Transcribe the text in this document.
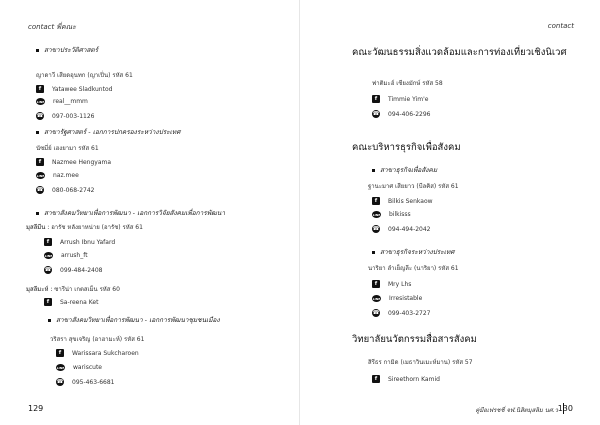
contact พี่คณะ
สาขาประวัติศาสตร์
ญาดาวี เสียดอุนทก (ญาเปิ่น) รหัส 61
f	Yatawee Sladkuntod
LINE real__mmm
☎ 097-003-1126
สาขารัฐศาสตร์ - เอกการปกครองระหว่างประเทศ
นัซมี่ย์ เฮงยามา รหัส 61
f	Nazmee Hengyama
LINE naz.mee
☎ 080-068-2742
สาขาสังคมวิทยาเพื่อการพัฒนา - เอกการวิจัยสังคมเพื่อการพัฒนา
มุสลีมีน : อารัช หลังยาหน่าย (อารัช) รหัส 61
f	Arrush Ibnu Yafard
LINE arrush_ft
☎ 099-484-2408
มุสลีมะห์ : ซารีน่า เกตสเม็น รหัส 60
f	Sa-reena Ket
สาขาสังคมวิทยาเพื่อการพัฒนา - เอกการพัฒนาชุมชนเมือง
วริสรา สุขเจริญ (อาฮามะห์) รหัส 61
f	Warissara Sukcharoen
LINE wariscute
☎ 095-463-6681
129
contact
คณะวัฒนธรรมสิ่งแวดล้อมและการท่องเที่ยวเชิงนิเวศ
ฟาติมะฮ์ เชียงมักษ์ รหัส 58
f	Timmie Yim'e
☎ 094-406-2296
คณะบริหารธุรกิจเพื่อสังคม
สาขาธุรกิจเพื่อสังคม
ฐานะมาศ เสียยาว (บีลคิส) รหัส 61
f	Bilkis Senkaow
LINE bilkisss
☎ 094-494-2042
สาขาธุรกิจระหว่างประเทศ
นาริยา ลำเย็ญลีะ (นาริยา) รหัส 61
f	Mry Lhs
LINE Irresistable
☎ 099-403-2727
วิทยาลัยนวัตกรรมสื่อสารสังคม
สิรีธร กามิด (เมธาวินเมะห์มาน) รหัส 57
f	Sireethorn Kamid
คู่มือเฟรชชี่ จฬ.นิสิตมุสลิม นศ.ว 130
